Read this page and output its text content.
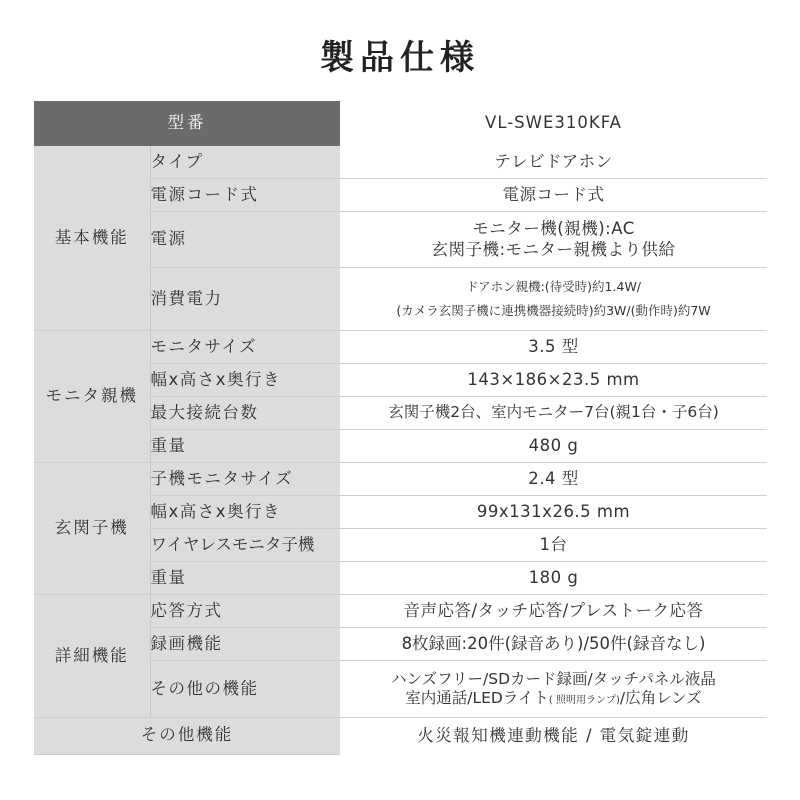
製品仕様
型番		VL-SWE310KFA
基本機能	タイプ	テレビドアホン
	電源コード式	電源コード式
	電源	モニター機(親機):AC
玄関子機:モニター親機より供給

	消費電力	ドアホン親機:(待受時)約1.4W/
(カメラ玄関子機に連携機器接続時)約3W/(動作時)約7W

モニタ親機	モニタサイズ	3.5 型
	幅x高さx奥行き	143×186×23.5 mm
	最大接続台数	玄関子機2台、室内モニター7台(親1台・子6台)
	重量	480 g
玄関子機	子機モニタサイズ	2.4 型
	幅x高さx奥行き	99x131x26.5 mm
	ワイヤレスモニタ子機	1台
	重量	180 g
詳細機能	応答方式	音声応答/タッチ応答/プレストーク応答
	録画機能	8枚録画:20件(録音あり)/50件(録音なし)
	その他の機能	ハンズフリー/SDカード録画/タッチパネル液晶
室内通話/LEDライト( 照明用ランプ)/広角レンズ

その他機能		火災報知機連動機能 / 電気錠連動
